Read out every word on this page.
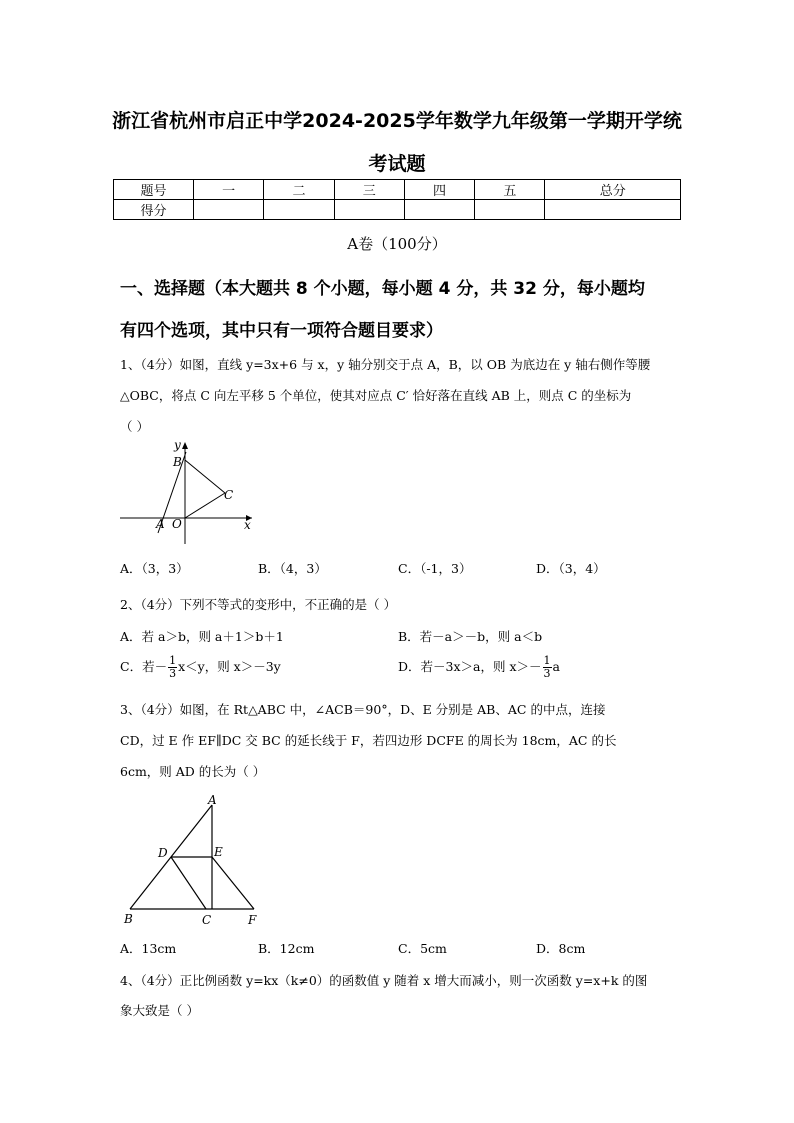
浙江省杭州市启正中学2024-2025学年数学九年级第一学期开学统
考试题
题号	一	二	三	四	五	总分
得分						
A卷（100分）
一、选择题（本大题共 8 个小题，每小题 4 分，共 32 分，每小题均
有四个选项，其中只有一项符合题目要求）
1、（4分）如图，直线 y=3x+6 与 x，y 轴分别交于点 A，B，以 OB 为底边在 y 轴右侧作等腰
△OBC，将点 C 向左平移 5 个单位，使其对应点 C′ 恰好落在直线 AB 上，则点 C 的坐标为
（ ）
y
B
C
O
A	x
A．（3，3）	B．（4，3）	C．（-1，3）	D．（3，4）
2、（4分）下列不等式的变形中，不正确的是（ ）
A．若 a＞b，则 a＋1＞b＋1	B．若－a＞－b，则 a＜b
C．若－ $\frac{1}{3} x<y$，则 x＞－3y	D．若－3x＞a，则 $x>- \frac{1}{3}$ a
3、（4分）如图，在 Rt△ABC 中，∠ACB＝90°，D、E 分别是 AB、AC 的中点，连接
CD，过 E 作 EF∥DC 交 BC 的延长线于 F，若四边形 DCFE 的周长为 18cm，AC 的长
6cm，则 AD 的长为（ ）
A
D	E
B	C	F
A．13cm	B．12cm	C．5cm	D．8cm
4、（4分）正比例函数 y=kx（k≠0）的函数值 y 随着 x 增大而减小，则一次函数 y=x+k 的图
象大致是（ ）
